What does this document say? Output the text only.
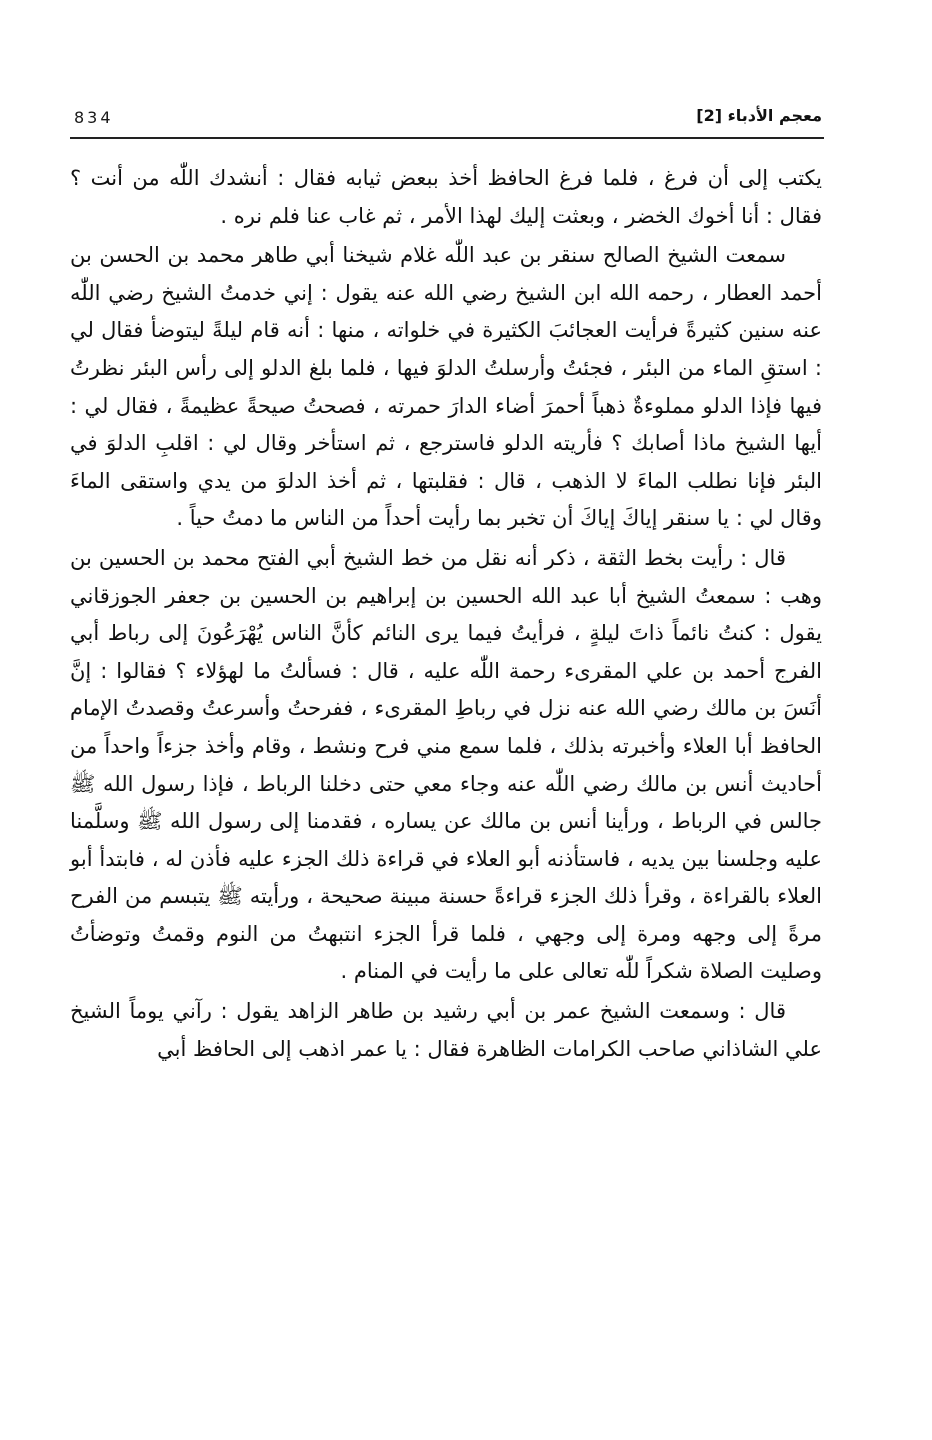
834	معجم الأدباء [2]

يكتب إلى أن فرغ ، فلما فرغ الحافظ أخذ ببعض ثيابه فقال : أنشدك اللّٰه من أنت ؟ فقال : أنا أخوك الخضر ، وبعثت إليك لهذا الأمر ، ثم غاب عنا فلم نره .

سمعت الشيخ الصالح سنقر بن عبد اللّٰه غلام شيخنا أبي طاهر محمد بن الحسن بن أحمد العطار ، رحمه الله ابن الشيخ رضي الله عنه يقول : إني خدمتُ الشيخ رضي اللّٰه عنه سنين كثيرةً فرأيت العجائبَ الكثيرة في خلواته ، منها : أنه قام ليلةً ليتوضأ فقال لي : استقِ الماء من البئر ، فجئتُ وأرسلتُ الدلوَ فيها ، فلما بلغ الدلو إلى رأس البئر نظرتُ فيها فإذا الدلو مملوءةٌ ذهباً أحمرَ أضاء الدارَ حمرته ، فصحتُ صيحةً عظيمةً ، فقال لي : أيها الشيخ ماذا أصابك ؟ فأريته الدلو فاسترجع ، ثم استأخر وقال لي : اقلبِ الدلوَ في البئر فإنا نطلب الماءَ لا الذهب ، قال : فقلبتها ، ثم أخذ الدلوَ من يدي واستقى الماءَ وقال لي : يا سنقر إياكَ إياكَ أن تخبر بما رأيت أحداً من الناس ما دمتُ حياً .

قال : رأيت بخط الثقة ، ذكر أنه نقل من خط الشيخ أبي الفتح محمد بن الحسين بن وهب : سمعتُ الشيخ أبا عبد الله الحسين بن إبراهيم بن الحسين بن جعفر الجوزقاني يقول : كنتُ نائماً ذاتَ ليلةٍ ، فرأيتُ فيما يرى النائم كأنَّ الناس يُهْرَعُونَ إلى رباط أبي الفرج أحمد بن علي المقرىء رحمة اللّٰه عليه ، قال : فسألتُ ما لهؤلاء ؟ فقالوا : إنَّ أنَسَ بن مالك رضي الله عنه نزل في رباطِ المقرىء ، ففرحتُ وأسرعتُ وقصدتُ الإمام الحافظ أبا العلاء وأخبرته بذلك ، فلما سمع مني فرح ونشط ، وقام وأخذ جزءاً واحداً من أحاديث أنس بن مالك رضي اللّٰه عنه وجاء معي حتى دخلنا الرباط ، فإذا رسول الله ﷺ جالس في الرباط ، ورأينا أنس بن مالك عن يساره ، فقدمنا إلى رسول الله ﷺ وسلَّمنا عليه وجلسنا بين يديه ، فاستأذنه أبو العلاء في قراءة ذلك الجزء عليه فأذن له ، فابتدأ أبو العلاء بالقراءة ، وقرأ ذلك الجزء قراءةً حسنة مبينة صحيحة ، ورأيته ﷺ يتبسم من الفرح مرةً إلى وجهه ومرة إلى وجهي ، فلما قرأ الجزء انتبهتُ من النوم وقمتُ وتوضأتُ وصليت الصلاة شكراً للّٰه تعالى على ما رأيت في المنام .

قال : وسمعت الشيخ عمر بن أبي رشيد بن طاهر الزاهد يقول : رآني يوماً الشيخ علي الشاذاني صاحب الكرامات الظاهرة فقال : يا عمر اذهب إلى الحافظ أبي
